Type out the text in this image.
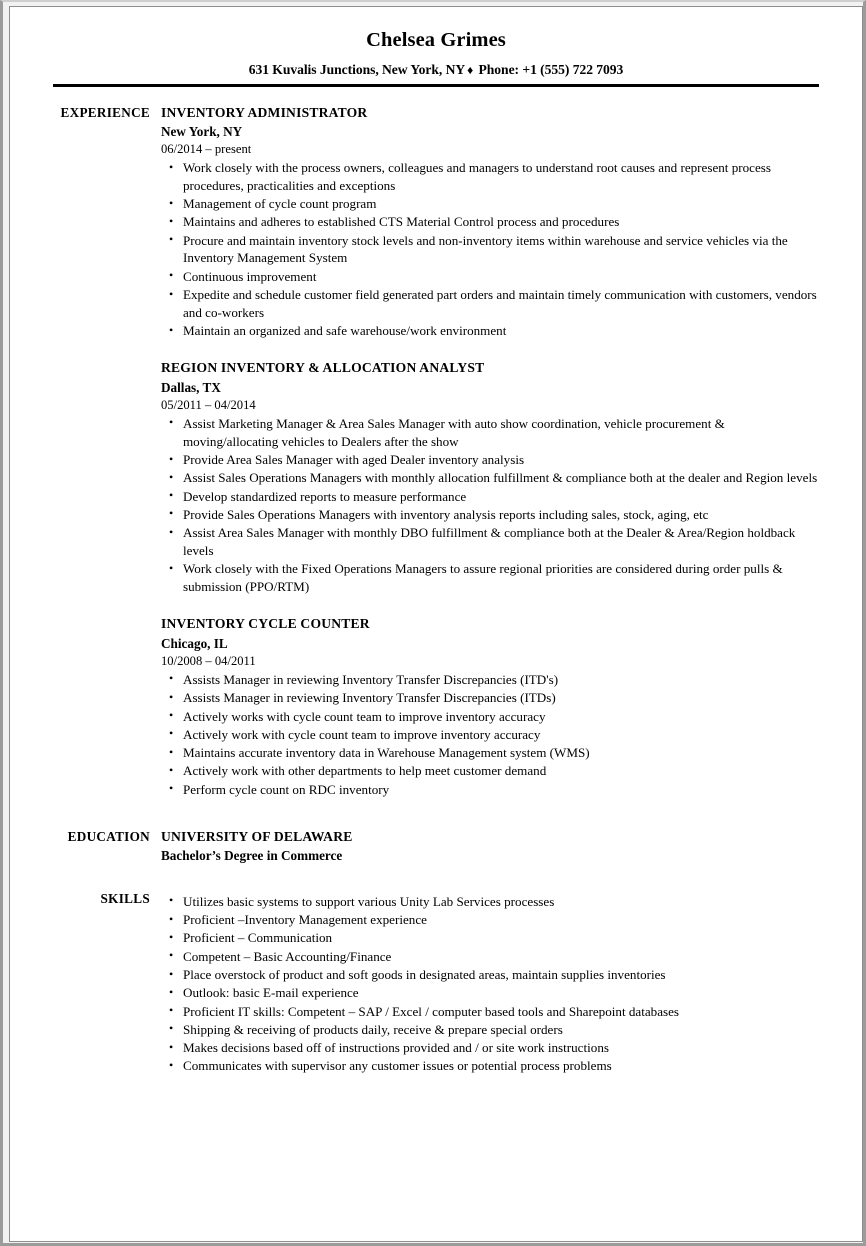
Chelsea Grimes
631 Kuvalis Junctions, New York, NY ♦ Phone: +1 (555) 722 7093
EXPERIENCE INVENTORY ADMINISTRATOR
New York, NY
06/2014 – present
• Work closely with the process owners, colleagues and managers to understand root causes and represent process procedures, practicalities and exceptions
• Management of cycle count program
• Maintains and adheres to established CTS Material Control process and procedures
• Procure and maintain inventory stock levels and non-inventory items within warehouse and service vehicles via the Inventory Management System
• Continuous improvement
• Expedite and schedule customer field generated part orders and maintain timely communication with customers, vendors and co-workers
• Maintain an organized and safe warehouse/work environment
REGION INVENTORY & ALLOCATION ANALYST
Dallas, TX
05/2011 – 04/2014
• Assist Marketing Manager & Area Sales Manager with auto show coordination, vehicle procurement & moving/allocating vehicles to Dealers after the show
• Provide Area Sales Manager with aged Dealer inventory analysis
• Assist Sales Operations Managers with monthly allocation fulfillment & compliance both at the dealer and Region levels
• Develop standardized reports to measure performance
• Provide Sales Operations Managers with inventory analysis reports including sales, stock, aging, etc
• Assist Area Sales Manager with monthly DBO fulfillment & compliance both at the Dealer & Area/Region holdback levels
• Work closely with the Fixed Operations Managers to assure regional priorities are considered during order pulls & submission (PPO/RTM)
INVENTORY CYCLE COUNTER
Chicago, IL
10/2008 – 04/2011
• Assists Manager in reviewing Inventory Transfer Discrepancies (ITD's)
• Assists Manager in reviewing Inventory Transfer Discrepancies (ITDs)
• Actively works with cycle count team to improve inventory accuracy
• Actively work with cycle count team to improve inventory accuracy
• Maintains accurate inventory data in Warehouse Management system (WMS)
• Actively work with other departments to help meet customer demand
• Perform cycle count on RDC inventory
EDUCATION UNIVERSITY OF DELAWARE
Bachelor’s Degree in Commerce
SKILLS	• Utilizes basic systems to support various Unity Lab Services processes
• Proficient –Inventory Management experience
• Proficient – Communication
• Competent – Basic Accounting/Finance
• Place overstock of product and soft goods in designated areas, maintain supplies inventories
• Outlook: basic E-mail experience
• Proficient IT skills: Competent – SAP / Excel / computer based tools and Sharepoint databases
• Shipping & receiving of products daily, receive & prepare special orders
• Makes decisions based off of instructions provided and / or site work instructions
• Communicates with supervisor any customer issues or potential process problems
